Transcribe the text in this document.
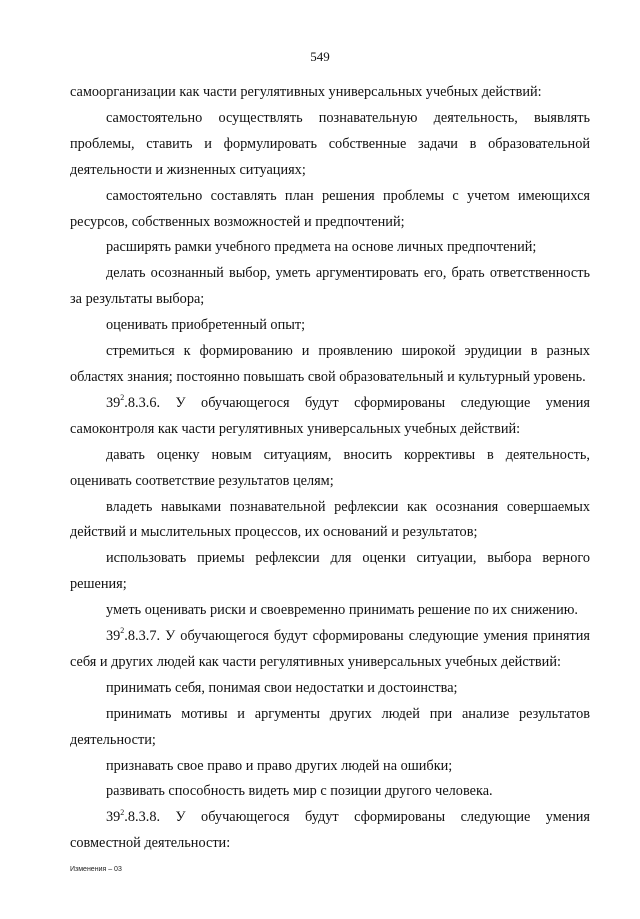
549

самоорганизации как части регулятивных универсальных учебных действий:

самостоятельно осуществлять познавательную деятельность, выявлять проблемы, ставить и формулировать собственные задачи в образовательной деятельности и жизненных ситуациях;

самостоятельно составлять план решения проблемы с учетом имеющихся ресурсов, собственных возможностей и предпочтений;

расширять рамки учебного предмета на основе личных предпочтений;

делать осознанный выбор, уметь аргументировать его, брать ответственность за результаты выбора;

оценивать приобретенный опыт;

стремиться к формированию и проявлению широкой эрудиции в разных областях знания; постоянно повышать свой образовательный и культурный уровень.

$39^2.8.3.6$. У обучающегося будут сформированы следующие умения самоконтроля как части регулятивных универсальных учебных действий:

давать оценку новым ситуациям, вносить коррективы в деятельность, оценивать соответствие результатов целям;

владеть навыками познавательной рефлексии как осознания совершаемых действий и мыслительных процессов, их оснований и результатов;

использовать приемы рефлексии для оценки ситуации, выбора верного решения;

уметь оценивать риски и своевременно принимать решение по их снижению.

$39^2.8.3.7$. У обучающегося будут сформированы следующие умения принятия себя и других людей как части регулятивных универсальных учебных действий:

принимать себя, понимая свои недостатки и достоинства;

принимать мотивы и аргументы других людей при анализе результатов деятельности;

признавать свое право и право других людей на ошибки;

развивать способность видеть мир с позиции другого человека.

$39^2.8.3.8$. У обучающегося будут сформированы следующие умения совместной деятельности:

Изменения – 03
